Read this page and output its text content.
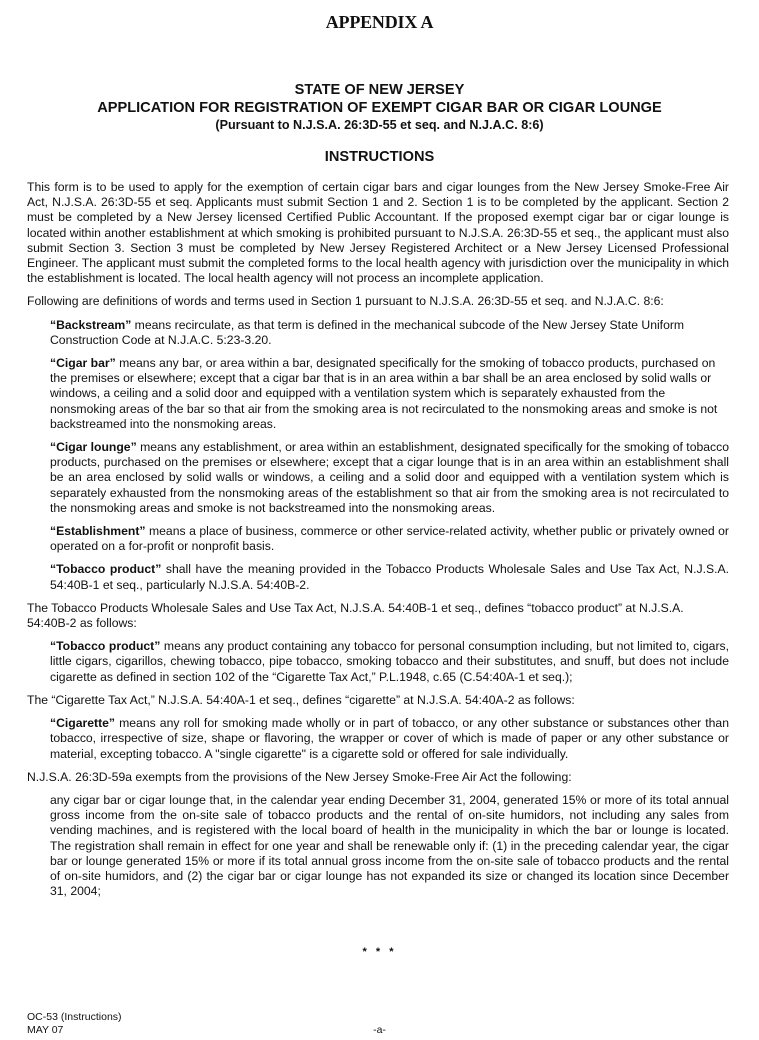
APPENDIX A
STATE OF NEW JERSEY
APPLICATION FOR REGISTRATION OF EXEMPT CIGAR BAR OR CIGAR LOUNGE
(Pursuant to N.J.S.A. 26:3D-55 et seq. and N.J.A.C. 8:6)
INSTRUCTIONS

This form is to be used to apply for the exemption of certain cigar bars and cigar lounges from the New Jersey Smoke-Free Air Act, N.J.S.A. 26:3D-55 et seq. Applicants must submit Section 1 and 2. Section 1 is to be completed by the applicant. Section 2 must be completed by a New Jersey licensed Certified Public Accountant. If the proposed exempt cigar bar or cigar lounge is located within another establishment at which smoking is prohibited pursuant to N.J.S.A. 26:3D-55 et seq., the applicant must also submit Section 3. Section 3 must be completed by New Jersey Registered Architect or a New Jersey Licensed Professional Engineer. The applicant must submit the completed forms to the local health agency with jurisdiction over the municipality in which the establishment is located. The local health agency will not process an incomplete application.

Following are definitions of words and terms used in Section 1 pursuant to N.J.S.A. 26:3D-55 et seq. and N.J.A.C. 8:6:

“Backstream” means recirculate, as that term is defined in the mechanical subcode of the New Jersey State Uniform Construction Code at N.J.A.C. 5:23-3.20.

“Cigar bar” means any bar, or area within a bar, designated specifically for the smoking of tobacco products, purchased on the premises or elsewhere; except that a cigar bar that is in an area within a bar shall be an area enclosed by solid walls or windows, a ceiling and a solid door and equipped with a ventilation system which is separately exhausted from the nonsmoking areas of the bar so that air from the smoking area is not recirculated to the nonsmoking areas and smoke is not backstreamed into the nonsmoking areas.

“Cigar lounge” means any establishment, or area within an establishment, designated specifically for the smoking of tobacco products, purchased on the premises or elsewhere; except that a cigar lounge that is in an area within an establishment shall be an area enclosed by solid walls or windows, a ceiling and a solid door and equipped with a ventilation system which is separately exhausted from the nonsmoking areas of the establishment so that air from the smoking area is not recirculated to the nonsmoking areas and smoke is not backstreamed into the nonsmoking areas.

“Establishment” means a place of business, commerce or other service-related activity, whether public or privately owned or operated on a for-profit or nonprofit basis.

“Tobacco product” shall have the meaning provided in the Tobacco Products Wholesale Sales and Use Tax Act, N.J.S.A. 54:40B-1 et seq., particularly N.J.S.A. 54:40B-2.

The Tobacco Products Wholesale Sales and Use Tax Act, N.J.S.A. 54:40B-1 et seq., defines “tobacco product” at N.J.S.A. 54:40B-2 as follows:

“Tobacco product” means any product containing any tobacco for personal consumption including, but not limited to, cigars, little cigars, cigarillos, chewing tobacco, pipe tobacco, smoking tobacco and their substitutes, and snuff, but does not include cigarette as defined in section 102 of the “Cigarette Tax Act,” P.L.1948, c.65 (C.54:40A-1 et seq.);

The “Cigarette Tax Act,” N.J.S.A. 54:40A-1 et seq., defines “cigarette” at N.J.S.A. 54:40A-2 as follows:

“Cigarette” means any roll for smoking made wholly or in part of tobacco, or any other substance or substances other than tobacco, irrespective of size, shape or flavoring, the wrapper or cover of which is made of paper or any other substance or material, excepting tobacco. A "single cigarette" is a cigarette sold or offered for sale individually.

N.J.S.A. 26:3D-59a exempts from the provisions of the New Jersey Smoke-Free Air Act the following:

any cigar bar or cigar lounge that, in the calendar year ending December 31, 2004, generated 15% or more of its total annual gross income from the on-site sale of tobacco products and the rental of on-site humidors, not including any sales from vending machines, and is registered with the local board of health in the municipality in which the bar or lounge is located. The registration shall remain in effect for one year and shall be renewable only if: (1) in the preceding calendar year, the cigar bar or lounge generated 15% or more if its total annual gross income from the on-site sale of tobacco products and the rental of on-site humidors, and (2) the cigar bar or cigar lounge has not expanded its size or changed its location since December 31, 2004;

* * *
OC-53 (Instructions)
MAY 07	-a-
